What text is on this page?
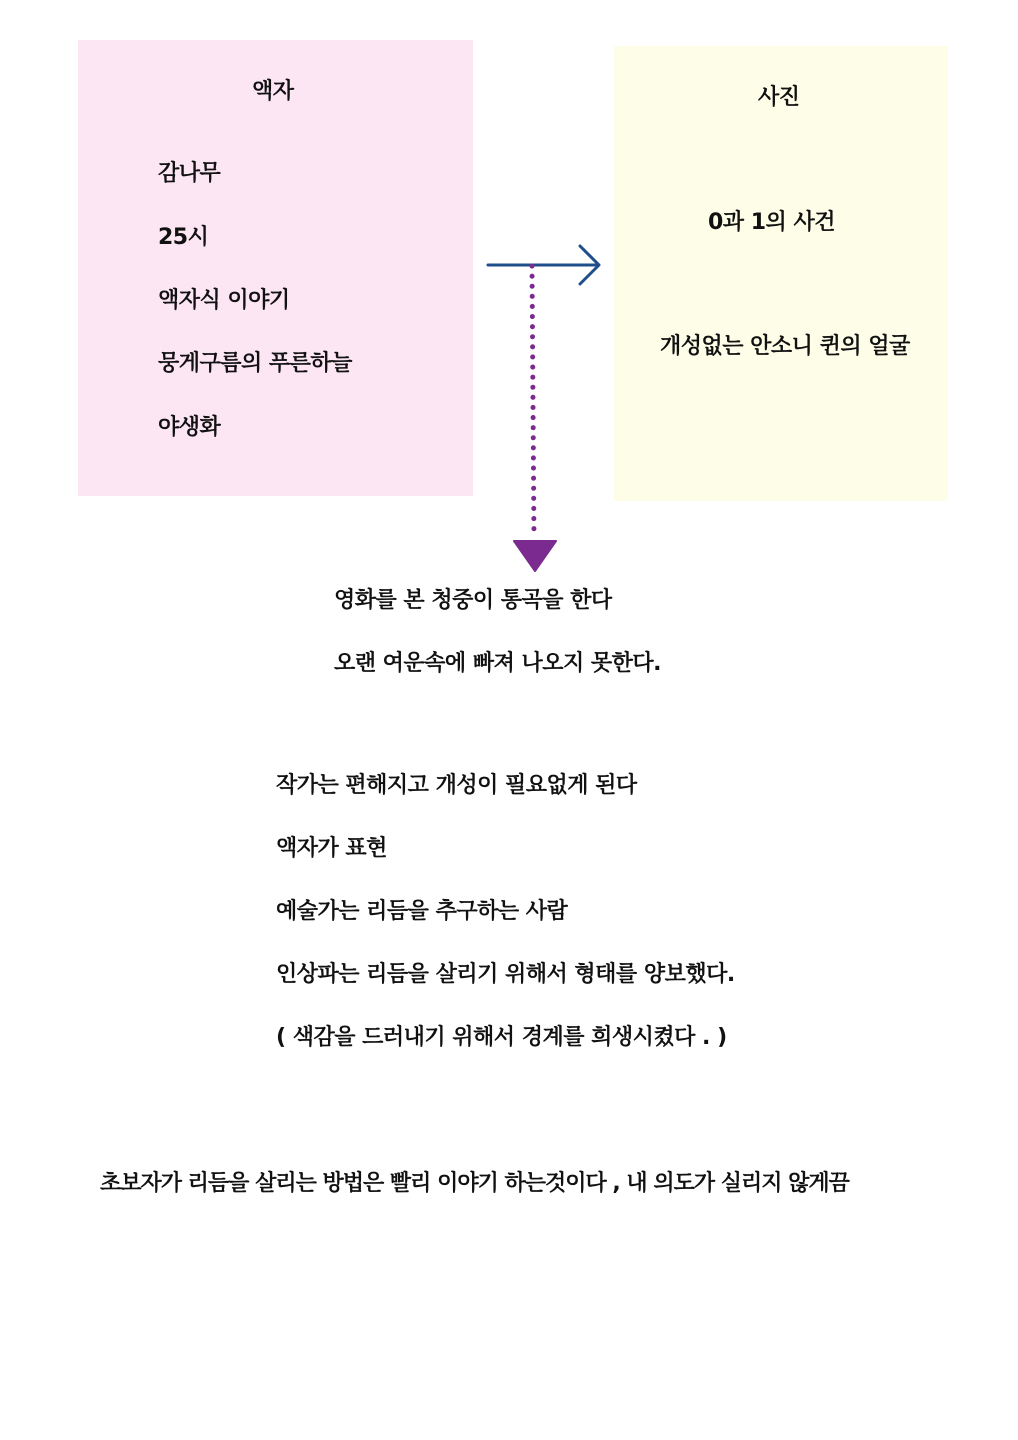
액자
감나무
25시
액자식 이야기
뭉게구름의 푸른하늘
야생화
사진
0과 1의 사건
개성없는 안소니 퀸의 얼굴
영화를 본 청중이 통곡을 한다
오랜 여운속에 빠져 나오지 못한다.
작가는 편해지고 개성이 필요없게 된다
액자가 표현
예술가는 리듬을 추구하는 사람
인상파는 리듬을 살리기 위해서 형태를 양보했다.
( 색감을 드러내기 위해서 경계를 희생시켰다 . )
초보자가 리듬을 살리는 방법은 빨리 이야기 하는것이다 , 내 의도가 실리지 않게끔
